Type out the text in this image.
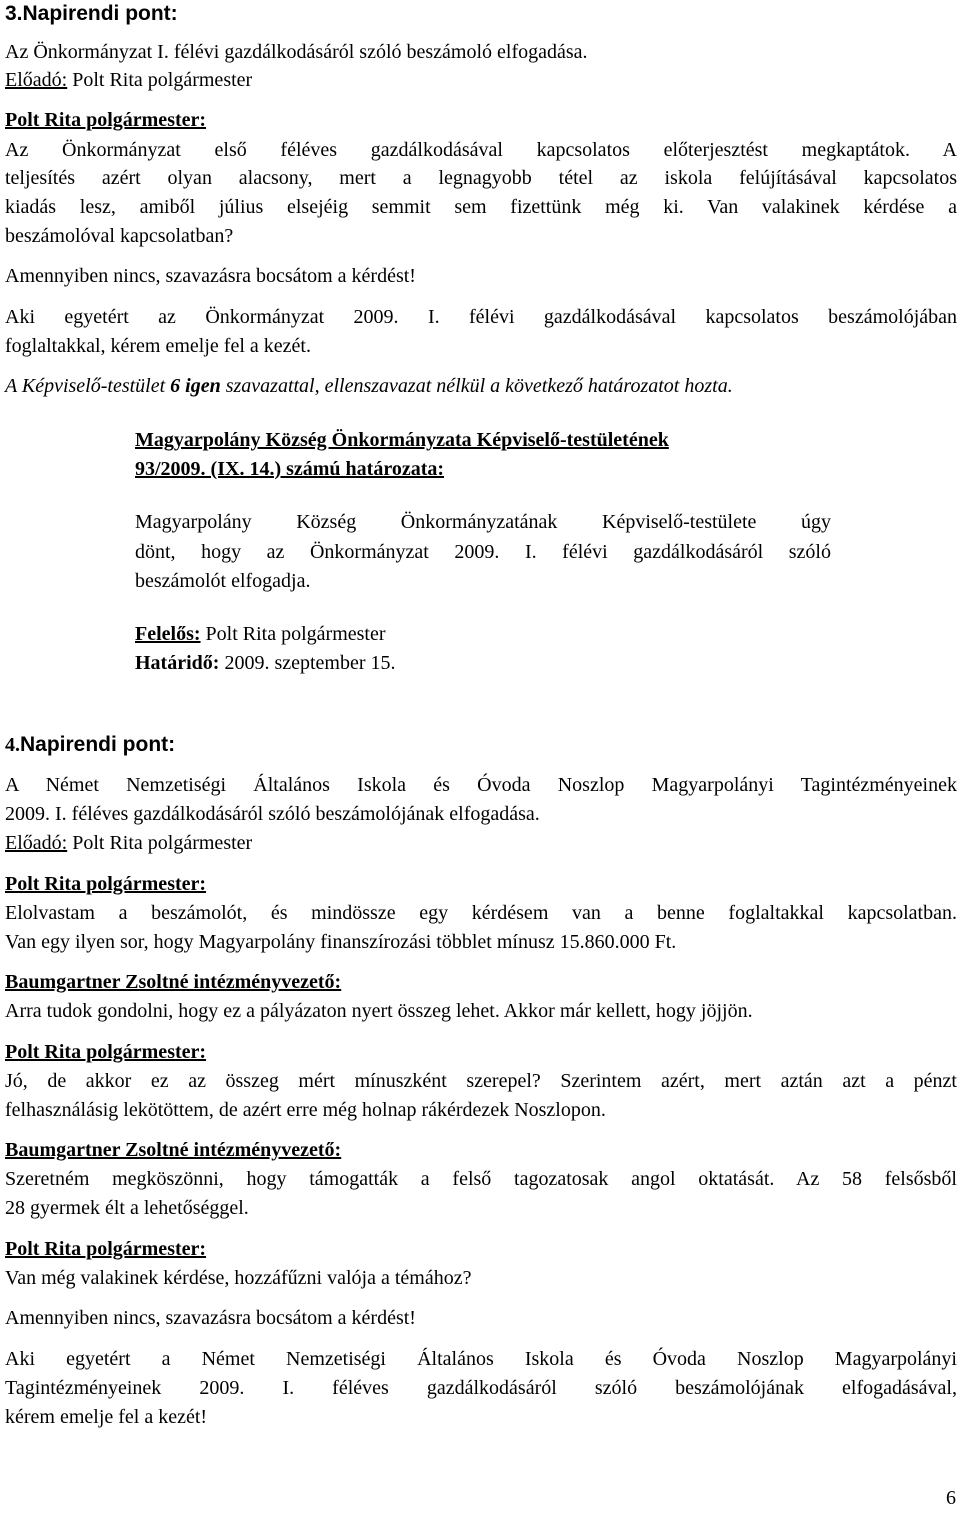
3.Napirendi pont:
Az Önkormányzat I. félévi gazdálkodásáról szóló beszámoló elfogadása.
Előadó: Polt Rita polgármester
Polt Rita polgármester:
Az Önkormányzat első féléves gazdálkodásával kapcsolatos előterjesztést megkaptátok. A
teljesítés azért olyan alacsony, mert a legnagyobb tétel az iskola felújításával kapcsolatos
kiadás lesz, amiből július elsejéig semmit sem fizettünk még ki. Van valakinek kérdése a
beszámolóval kapcsolatban?
Amennyiben nincs, szavazásra bocsátom a kérdést!
Aki egyetért az Önkormányzat 2009. I. félévi gazdálkodásával kapcsolatos beszámolójában
foglaltakkal, kérem emelje fel a kezét.
A Képviselő-testület 6 igen szavazattal, ellenszavazat nélkül a következő határozatot hozta.
Magyarpolány Község Önkormányzata Képviselő-testületének
93/2009. (IX. 14.) számú határozata:
Magyarpolány Község Önkormányzatának Képviselő-testülete úgy
dönt, hogy az Önkormányzat 2009. I. félévi gazdálkodásáról szóló
beszámolót elfogadja.
Felelős: Polt Rita polgármester
Határidő: 2009. szeptember 15.
4.Napirendi pont:
A Német Nemzetiségi Általános Iskola és Óvoda Noszlop Magyarpolányi Tagintézményeinek
2009. I. féléves gazdálkodásáról szóló beszámolójának elfogadása.
Előadó: Polt Rita polgármester
Polt Rita polgármester:
Elolvastam a beszámolót, és mindössze egy kérdésem van a benne foglaltakkal kapcsolatban.
Van egy ilyen sor, hogy Magyarpolány finanszírozási többlet mínusz 15.860.000 Ft.
Baumgartner Zsoltné intézményvezető:
Arra tudok gondolni, hogy ez a pályázaton nyert összeg lehet. Akkor már kellett, hogy jöjjön.
Polt Rita polgármester:
Jó, de akkor ez az összeg mért mínuszként szerepel? Szerintem azért, mert aztán azt a pénzt
felhasználásig lekötöttem, de azért erre még holnap rákérdezek Noszlopon.
Baumgartner Zsoltné intézményvezető:
Szeretném megköszönni, hogy támogatták a felső tagozatosak angol oktatását. Az 58 felsősből
28 gyermek élt a lehetőséggel.
Polt Rita polgármester:
Van még valakinek kérdése, hozzáfűzni valója a témához?
Amennyiben nincs, szavazásra bocsátom a kérdést!
Aki egyetért a Német Nemzetiségi Általános Iskola és Óvoda Noszlop Magyarpolányi
Tagintézményeinek 2009. I. féléves gazdálkodásáról szóló beszámolójának elfogadásával,
kérem emelje fel a kezét!
6
